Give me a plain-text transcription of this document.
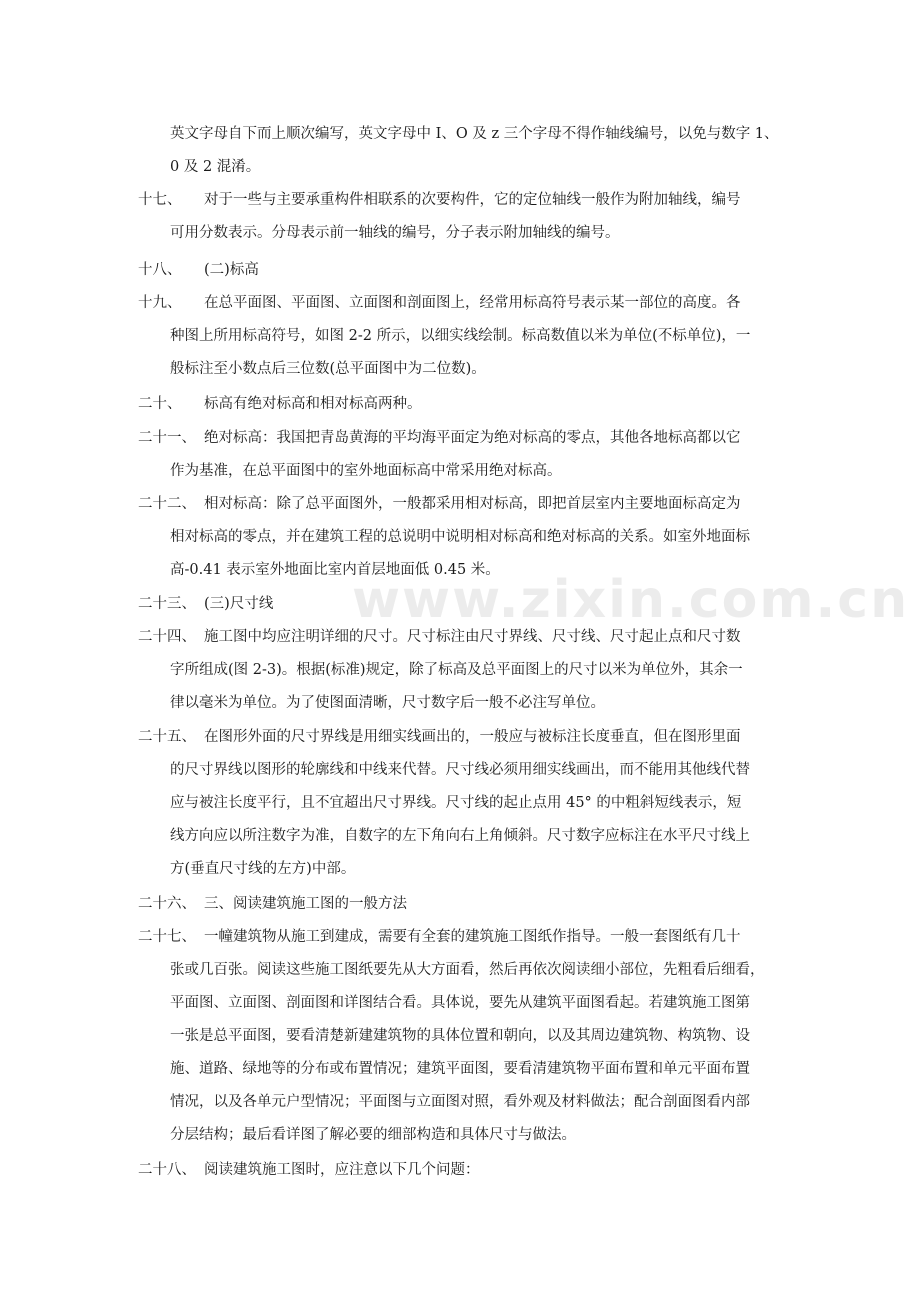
www.zixin.com.cn
英文字母自下而上顺次编写，英文字母中 I、O 及 z 三个字母不得作轴线编号，以免与数字 1、
0 及 2 混淆。
十七、 对于一些与主要承重构件相联系的次要构件，它的定位轴线一般作为附加轴线，编号
可用分数表示。分母表示前一轴线的编号，分子表示附加轴线的编号。
十八、 (二)标高
十九、 在总平面图、平面图、立面图和剖面图上，经常用标高符号表示某一部位的高度。各
种图上所用标高符号，如图 2-2 所示，以细实线绘制。标高数值以米为单位(不标单位)，一
般标注至小数点后三位数(总平面图中为二位数)。
二十、 标高有绝对标高和相对标高两种。
二十一、 绝对标高：我国把青岛黄海的平均海平面定为绝对标高的零点，其他各地标高都以它
作为基准，在总平面图中的室外地面标高中常采用绝对标高。
二十二、 相对标高：除了总平面图外，一般都采用相对标高，即把首层室内主要地面标高定为
相对标高的零点，并在建筑工程的总说明中说明相对标高和绝对标高的关系。如室外地面标
高-0.41 表示室外地面比室内首层地面低 0.45 米。
二十三、 (三)尺寸线
二十四、 施工图中均应注明详细的尺寸。尺寸标注由尺寸界线、尺寸线、尺寸起止点和尺寸数
字所组成(图 2-3)。根据(标准)规定，除了标高及总平面图上的尺寸以米为单位外，其余一
律以毫米为单位。为了使图面清晰，尺寸数字后一般不必注写单位。
二十五、 在图形外面的尺寸界线是用细实线画出的，一般应与被标注长度垂直，但在图形里面
的尺寸界线以图形的轮廓线和中线来代替。尺寸线必须用细实线画出，而不能用其他线代替
应与被注长度平行，且不宜超出尺寸界线。尺寸线的起止点用 45° 的中粗斜短线表示，短
线方向应以所注数字为准，自数字的左下角向右上角倾斜。尺寸数字应标注在水平尺寸线上
方(垂直尺寸线的左方)中部。
二十六、 三、阅读建筑施工图的一般方法
二十七、 一幢建筑物从施工到建成，需要有全套的建筑施工图纸作指导。一般一套图纸有几十
张或几百张。阅读这些施工图纸要先从大方面看，然后再依次阅读细小部位，先粗看后细看，
平面图、立面图、剖面图和详图结合看。具体说，要先从建筑平面图看起。若建筑施工图第
一张是总平面图，要看清楚新建建筑物的具体位置和朝向，以及其周边建筑物、构筑物、设
施、道路、绿地等的分布或布置情况；建筑平面图，要看清建筑物平面布置和单元平面布置
情况，以及各单元户型情况；平面图与立面图对照，看外观及材料做法；配合剖面图看内部
分层结构；最后看详图了解必要的细部构造和具体尺寸与做法。
二十八、 阅读建筑施工图时，应注意以下几个问题：
